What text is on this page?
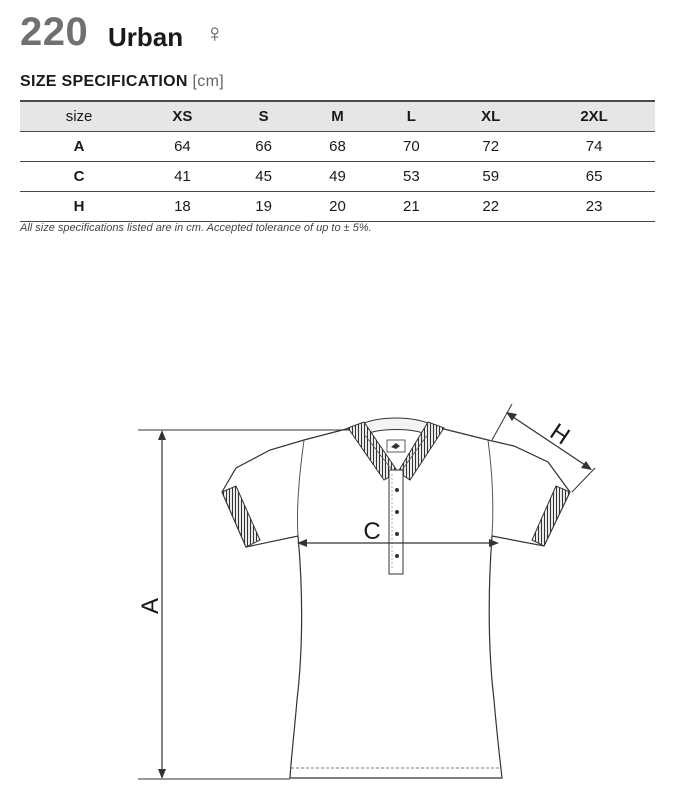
220 Urban ♀
SIZE SPECIFICATION [cm]
size	XS	S	M	L	XL	2XL
A	64	66	68	70	72	74
C	41	45	49	53	59	65
H	18	19	20	21	22	23
All size specifications listed are in cm. Accepted tolerance of up to ± 5%.
A
C
H
